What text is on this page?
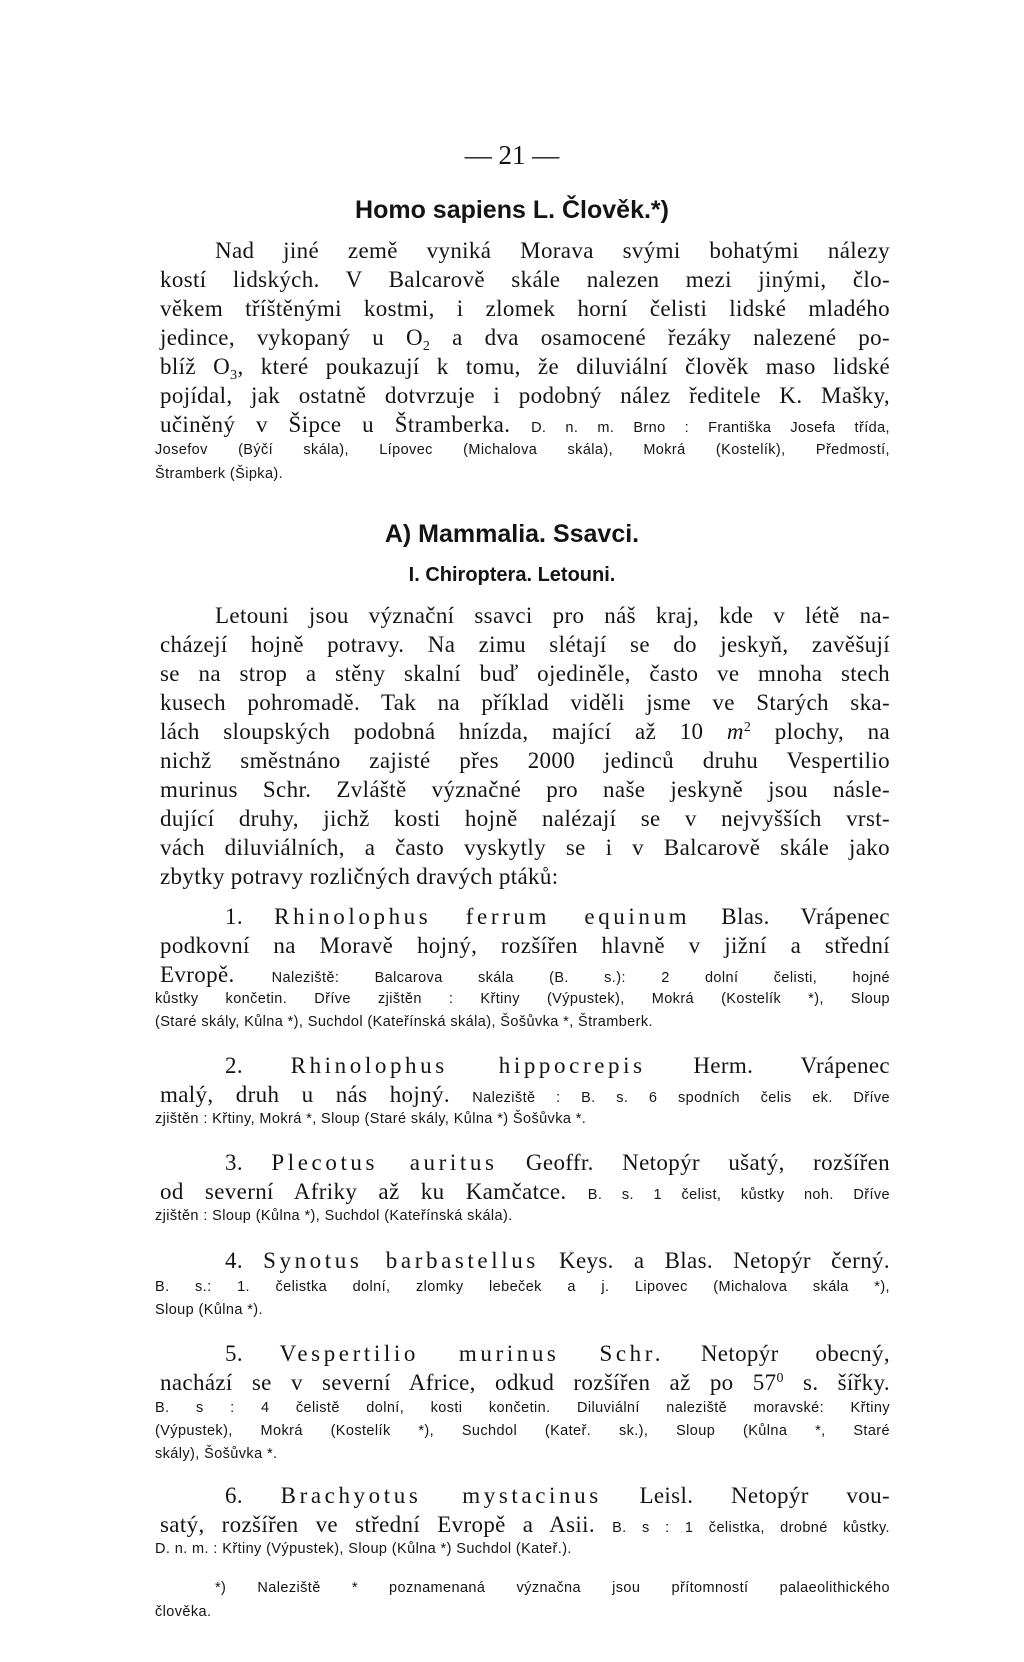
— 21 —
Homo sapiens L. Člověk.*)
Nad jiné země vyniká Morava svými bohatými nálezy
kostí lidských. V Balcarově skále nalezen mezi jinými, člo-
věkem tříštěnými kostmi, i zlomek horní čelisti lidské mladého
jedince, vykopaný u $O_2$ a dva osamocené řezáky nalezené po-
blíž $O_3$, které poukazují k tomu, že diluviální člověk maso lidské
pojídal, jak ostatně dotvrzuje i podobný nález ředitele K. Mašky,
učiněný v Šipce u Štramberka. D. n. m. Brno : Františka Josefa třída,
Josefov (Býčí skála), Lípovec (Michalova skála), Mokrá (Kostelík), Předmostí,
Štramberk (Šipka).
A) Mammalia. Ssavci.
I. Chiroptera. Letouni.
Letouni jsou význační ssavci pro náš kraj, kde v létě na-
cházejí hojně potravy. Na zimu slétají se do jeskyň, zavěšují
se na strop a stěny skalní buď ojediněle, často ve mnoha stech
kusech pohromadě. Tak na příklad viděli jsme ve Starých ska-
lách sloupských podobná hnízda, mající až 10 $m^2$ plochy, na
nichž směstnáno zajisté přes 2000 jedinců druhu Vespertilio
murinus Schr. Zvláště význačné pro naše jeskyně jsou násle-
dující druhy, jichž kosti hojně nalézají se v nejvyšších vrst-
vách diluviálních, a často vyskytly se i v Balcarově skále jako
zbytky potravy rozličných dravých ptáků:
1. Rhinolophus ferrum equinum Blas. Vrápenec
podkovní na Moravě hojný, rozšířen hlavně v jižní a střední
Evropě.	Naleziště: Balcarova skála (B. s.): 2 dolní čelisti, hojné
kůstky končetin. Dříve zjištěn : Křtiny (Výpustek), Mokrá (Kostelík *), Sloup
(Staré skály, Kůlna *), Suchdol (Kateřínská skála), Šošůvka *, Štramberk.
2. Rhinolophus hippocrepis Herm. Vrápenec
malý, druh u nás hojný. Naleziště : B. s. 6 spodních čelis ek. Dříve
zjištěn : Křtiny, Mokrá *, Sloup (Staré skály, Kůlna *) Šošůvka *.
3. Plecotus auritus Geoffr. Netopýr ušatý, rozšířen
od severní Afriky až ku Kamčatce. B. s. 1 čelist, kůstky noh. Dříve
zjištěn : Sloup (Kůlna *), Suchdol (Kateřínská skála).
4. Synotus barbastellus Keys. a Blas. Netopýr černý.
B. s.: 1. čelistka dolní, zlomky lebeček a j. Lipovec (Michalova skála *),
Sloup (Kůlna *).
5. Vespertilio murinus Schr. Netopýr obecný,
nachází se v severní Africe, odkud rozšířen až po $57^0$ s. šířky.
B. s : 4 čelistě dolní, kosti končetin. Diluviální naleziště moravské: Křtiny
(Výpustek), Mokrá (Kostelík *), Suchdol (Kateř. sk.), Sloup (Kůlna *, Staré
skály), Šošůvka *.
6. Brachyotus mystacinus Leisl. Netopýr vou-
satý, rozšířen ve střední Evropě a Asii. B. s : 1 čelistka, drobné kůstky.
D. n. m. : Křtiny (Výpustek), Sloup (Kůlna *) Suchdol (Kateř.).
*) Naleziště * poznamenaná význačna jsou přítomností palaeolithického
člověka.
